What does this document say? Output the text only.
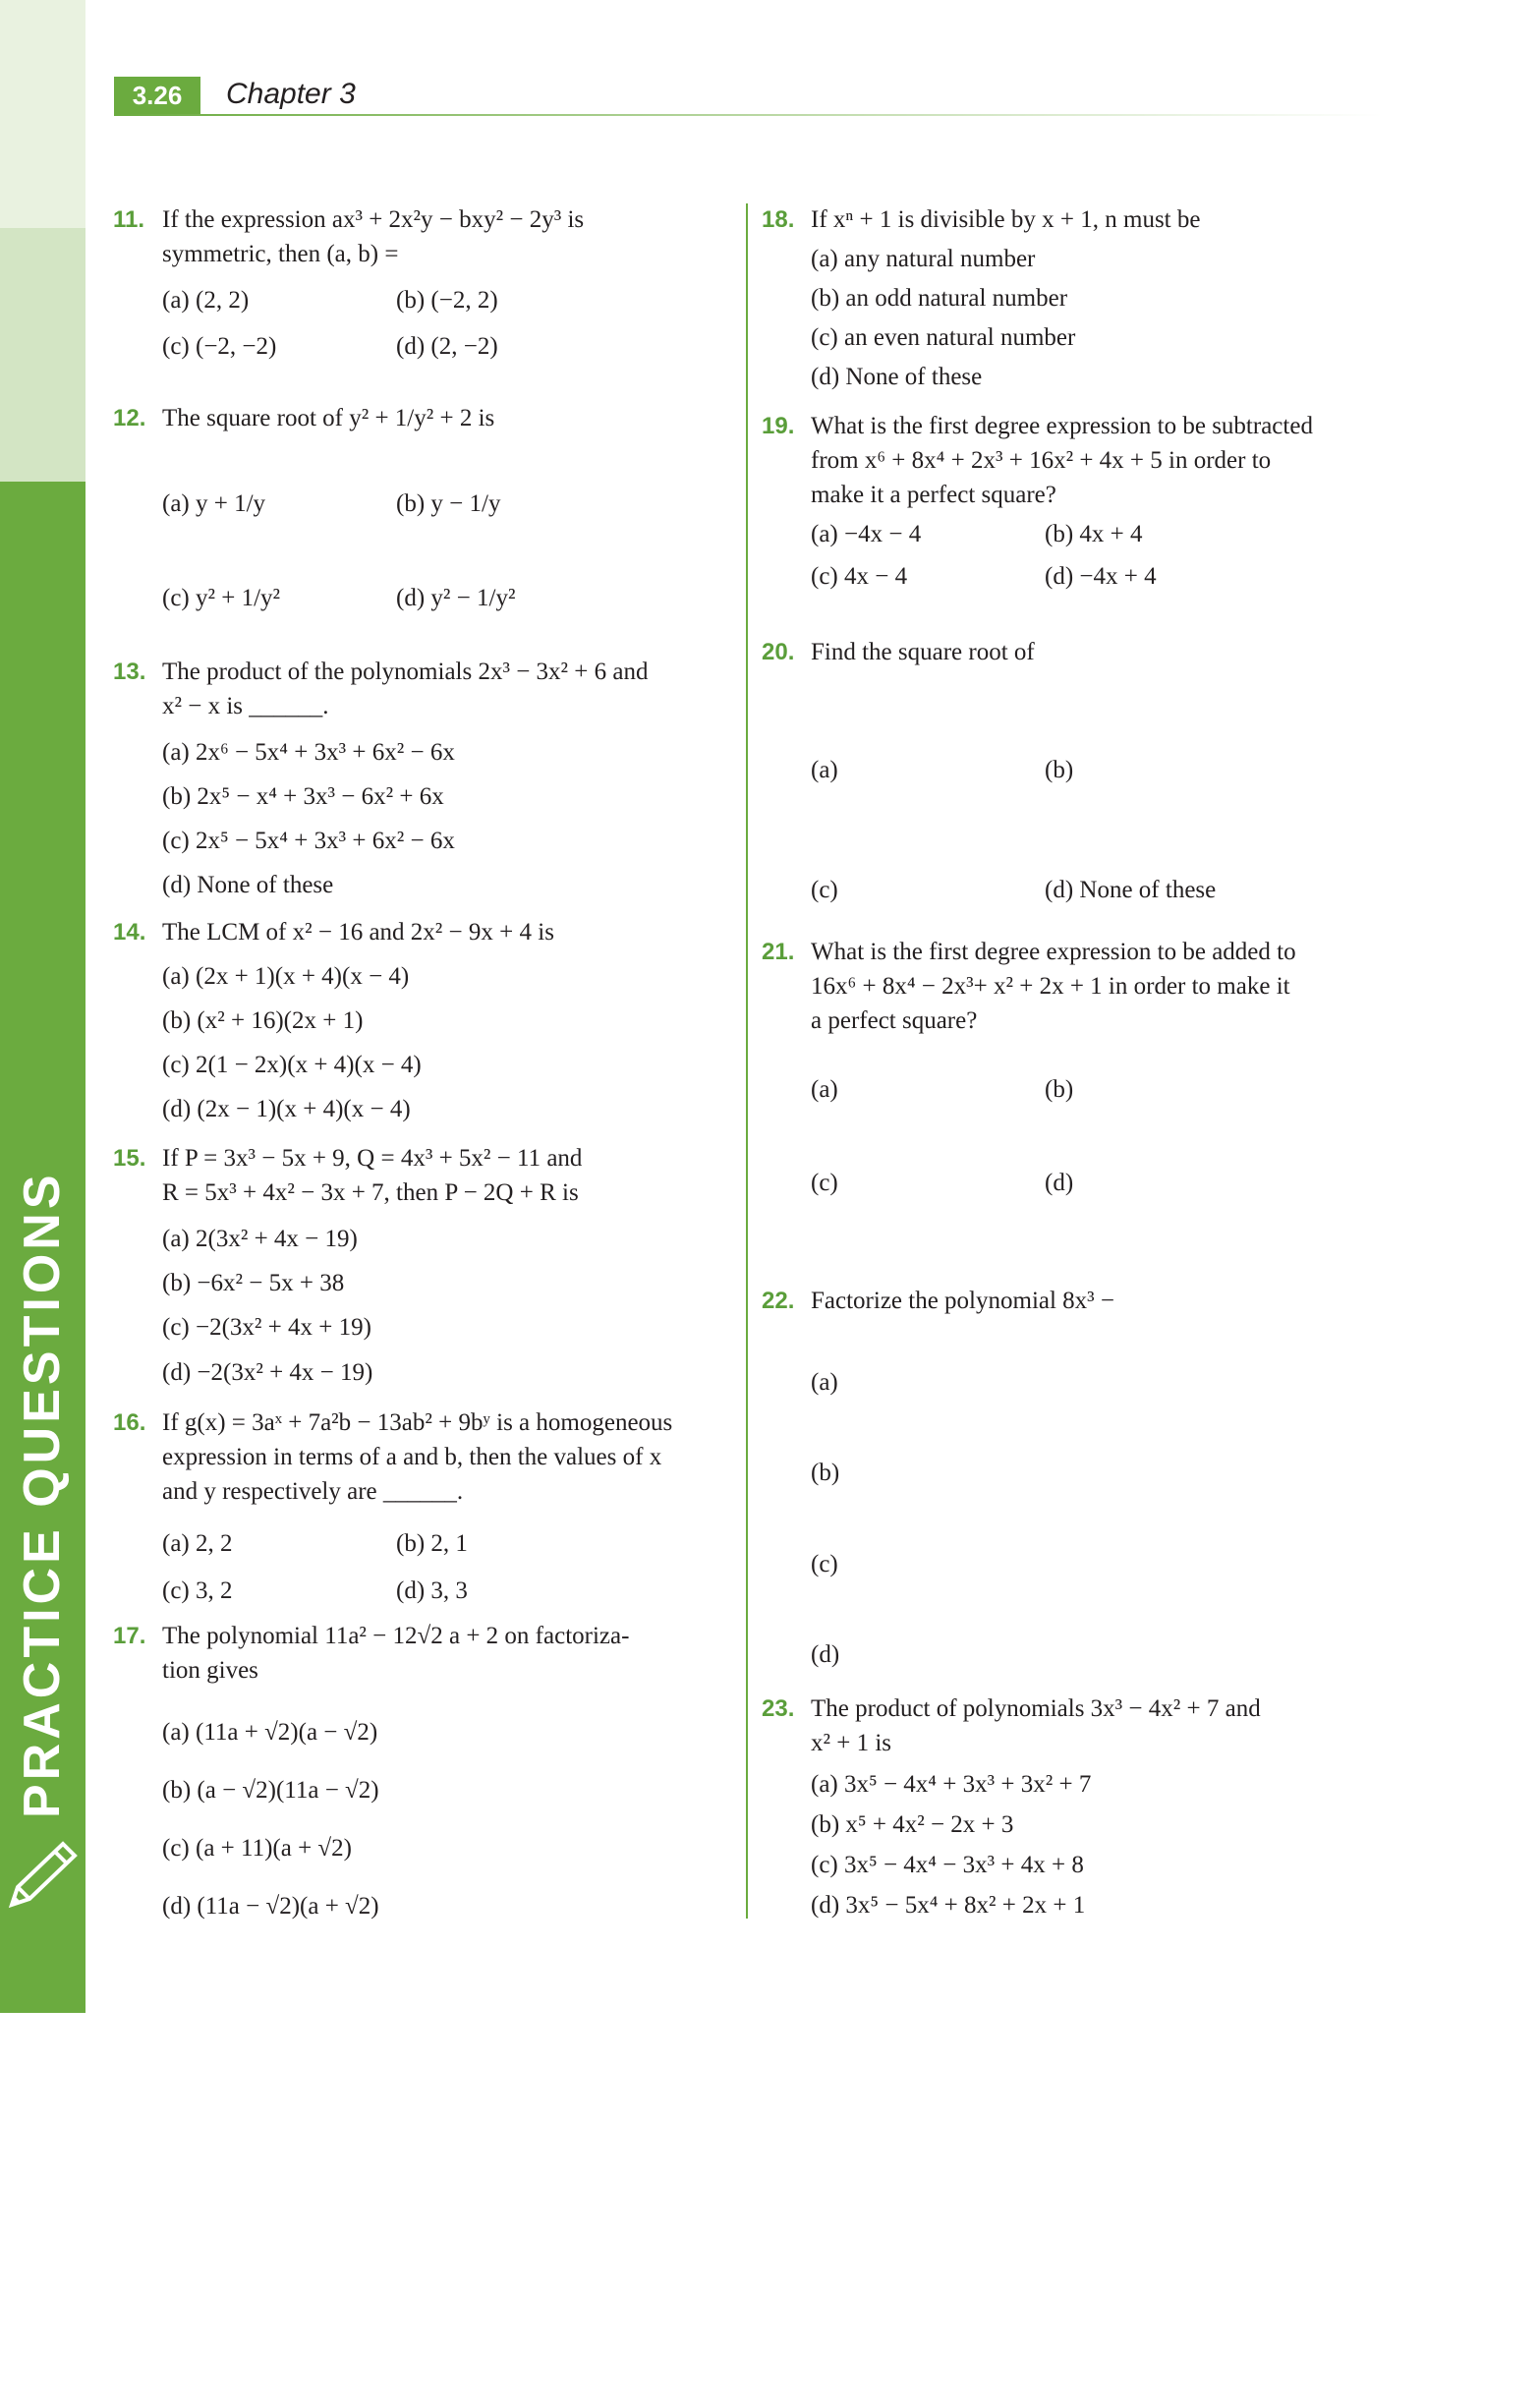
PRACTICE QUESTIONS
3.26	Chapter 3
11. If the expression ax³ + 2x²y − bxy² − 2y³ is
symmetric, then (a, b) =
(a) (2, 2)	(b) (−2, 2)
(c) (−2, −2)	(d) (2, −2)
12. The square root of y² + 1/y² + 2 is
(a) y + 1/y	(b) y − 1/y
(c) y² + 1/y²	(d) y² − 1/y²
13. The product of the polynomials 2x³ − 3x² + 6 and
x² − x is ______.
(a) 2x⁶ − 5x⁴ + 3x³ + 6x² − 6x
(b) 2x⁵ − x⁴ + 3x³ − 6x² + 6x
(c) 2x⁵ − 5x⁴ + 3x³ + 6x² − 6x
(d) None of these
14. The LCM of x² − 16 and 2x² − 9x + 4 is
(a) (2x + 1)(x + 4)(x − 4)
(b) (x² + 16)(2x + 1)
(c) 2(1 − 2x)(x + 4)(x − 4)
(d) (2x − 1)(x + 4)(x − 4)
15. If P = 3x³ − 5x + 9, Q = 4x³ + 5x² − 11 and
R = 5x³ + 4x² − 3x + 7, then P − 2Q + R is
(a) 2(3x² + 4x − 19)
(b) −6x² − 5x + 38
(c) −2(3x² + 4x + 19)
(d) −2(3x² + 4x − 19)
16. If g(x) = 3aˣ + 7a²b − 13ab² + 9bʸ is a homogeneous
expression in terms of a and b, then the values of x
and y respectively are ______.
(a) 2, 2	(b) 2, 1
(c) 3, 2	(d) 3, 3
17. The polynomial 11a² − 12√2 a + 2 on factoriza-
tion gives
(a) (11a + √2)(a − √2)
(b) (a − √2)(11a − √2)
(c) (a + 11)(a + √2)
(d) (11a − √2)(a + √2)
18. If xⁿ + 1 is divisible by x + 1, n must be
(a) any natural number
(b) an odd natural number
(c) an even natural number
(d) None of these
19. What is the first degree expression to be subtracted
from x⁶ + 8x⁴ + 2x³ + 16x² + 4x + 5 in order to
make it a perfect square?
(a) −4x − 4	(b) 4x + 4
(c) 4x − 4	(d) −4x + 4
20. Find the square root of
(a)	(b)
(c)	(d) None of these
21. What is the first degree expression to be added to
16x⁶ + 8x⁴ − 2x³+ x² + 2x + 1 in order to make it
a perfect square?
(a)	(b)
(c)	(d)
22. Factorize the polynomial 8x³ −
(a)
(b)
(c)
(d)
23. The product of polynomials 3x³ − 4x² + 7 and
x² + 1 is
(a) 3x⁵ − 4x⁴ + 3x³ + 3x² + 7
(b) x⁵ + 4x² − 2x + 3
(c) 3x⁵ − 4x⁴ − 3x³ + 4x + 8
(d) 3x⁵ − 5x⁴ + 8x² + 2x + 1
